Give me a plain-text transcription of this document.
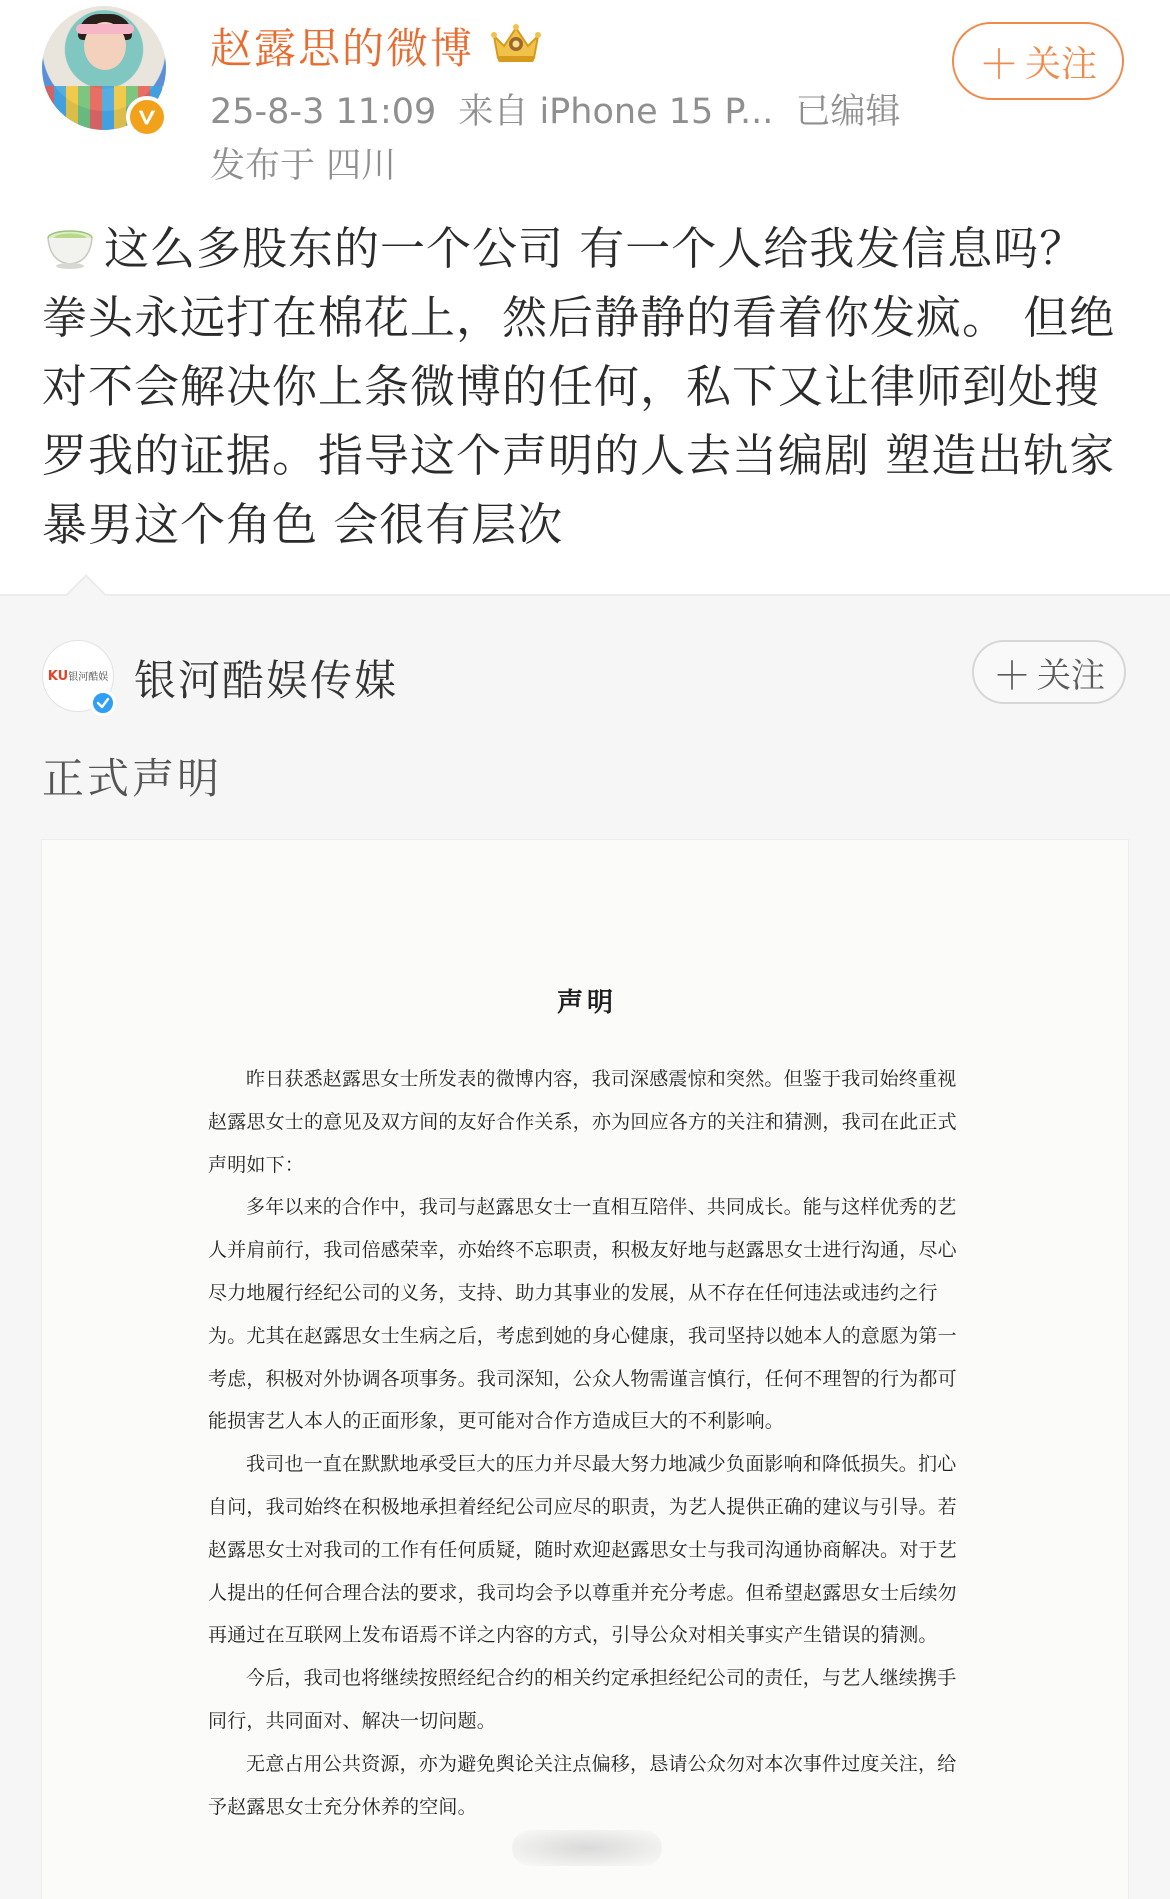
赵露思的微博
25-8-3 11:09 来自 iPhone 15 P... 已编辑
发布于 四川
＋ 关注
这么多股东的一个公司 有一个人给我发信息吗？拳头永远打在棉花上，然后静静的看着你发疯。 但绝对不会解决你上条微博的任何，私下又让律师到处搜罗我的证据。指导这个声明的人去当编剧 塑造出轨家暴男这个角色 会很有层次
KU银河酷娱 银河酷娱传媒	＋ 关注
正式声明
声明

昨日获悉赵露思女士所发表的微博内容，我司深感震惊和突然。但鉴于我司始终重视赵露思女士的意见及双方间的友好合作关系，亦为回应各方的关注和猜测，我司在此正式声明如下：

多年以来的合作中，我司与赵露思女士一直相互陪伴、共同成长。能与这样优秀的艺人并肩前行，我司倍感荣幸，亦始终不忘职责，积极友好地与赵露思女士进行沟通，尽心尽力地履行经纪公司的义务，支持、助力其事业的发展，从不存在任何违法或违约之行为。尤其在赵露思女士生病之后，考虑到她的身心健康，我司坚持以她本人的意愿为第一考虑，积极对外协调各项事务。我司深知，公众人物需谨言慎行，任何不理智的行为都可能损害艺人本人的正面形象，更可能对合作方造成巨大的不利影响。

我司也一直在默默地承受巨大的压力并尽最大努力地减少负面影响和降低损失。扪心自问，我司始终在积极地承担着经纪公司应尽的职责，为艺人提供正确的建议与引导。若赵露思女士对我司的工作有任何质疑，随时欢迎赵露思女士与我司沟通协商解决。对于艺人提出的任何合理合法的要求，我司均会予以尊重并充分考虑。但希望赵露思女士后续勿再通过在互联网上发布语焉不详之内容的方式，引导公众对相关事实产生错误的猜测。

今后，我司也将继续按照经纪合约的相关约定承担经纪公司的责任，与艺人继续携手同行，共同面对、解决一切问题。

无意占用公共资源，亦为避免舆论关注点偏移，恳请公众勿对本次事件过度关注，给予赵露思女士充分休养的空间。
